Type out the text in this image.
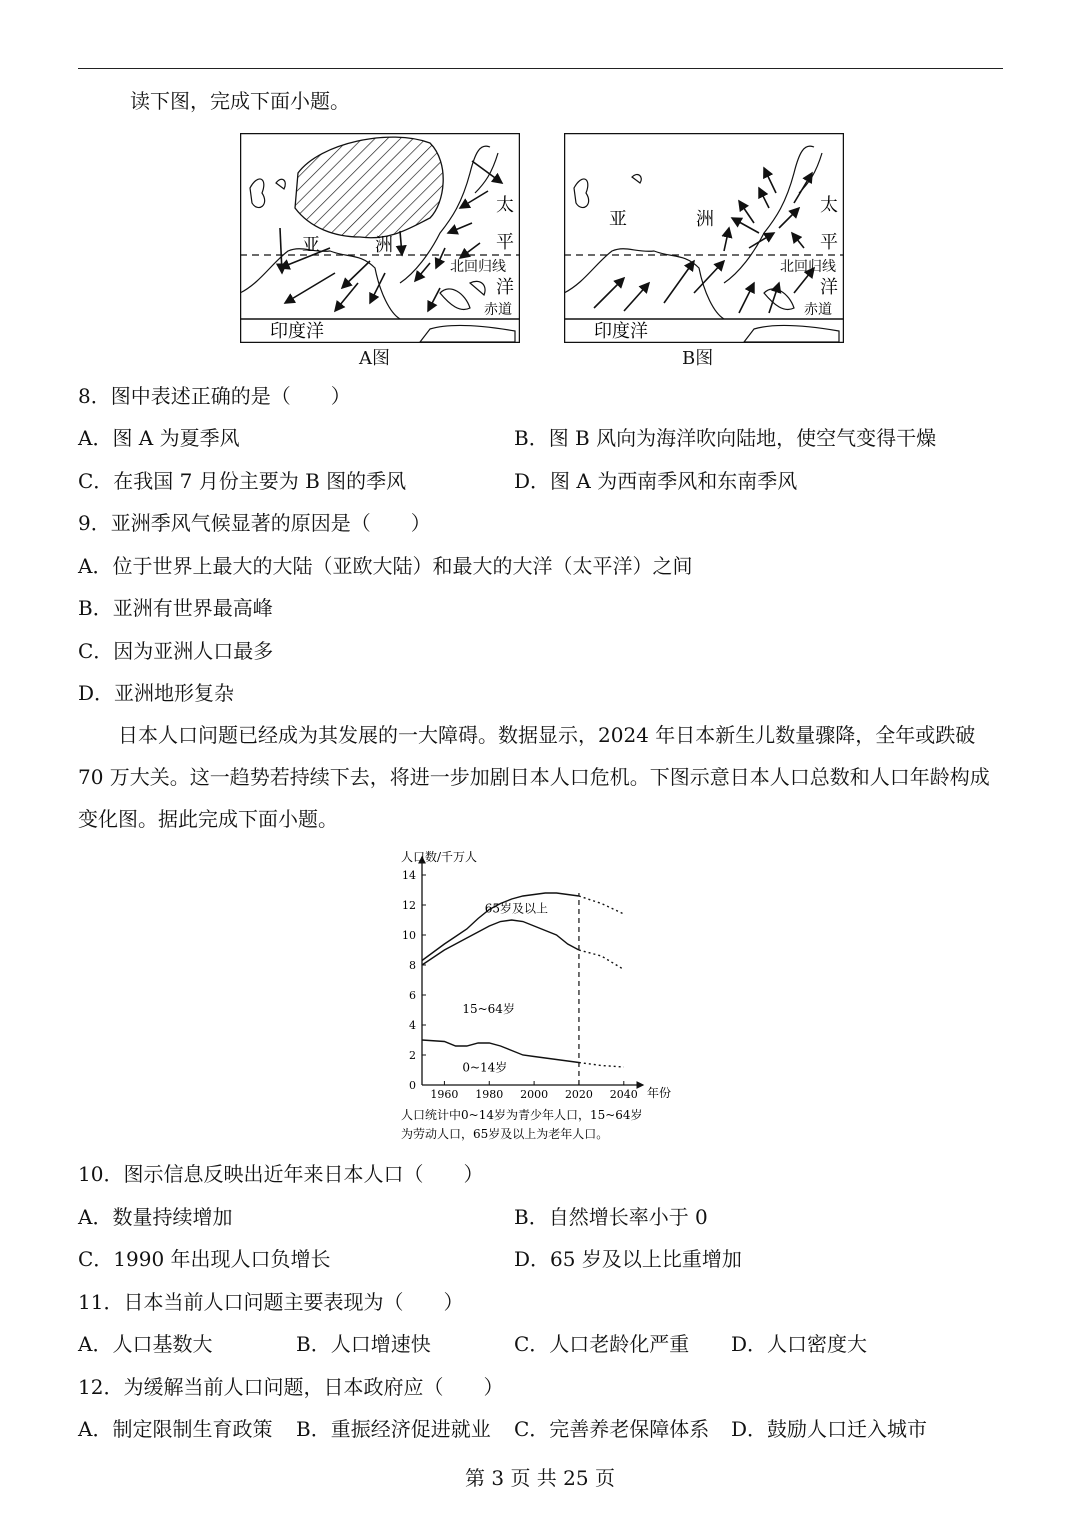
读下图，完成下面小题。
亚	洲
太
平
北回归线
洋
赤道
印度洋
A图
亚	洲
太
平
北回归线
洋
赤道
印度洋
B图
8．图中表述正确的是（　　）
A．图 A 为夏季风	B．图 B 风向为海洋吹向陆地，使空气变得干燥
C．在我国 7 月份主要为 B 图的季风	D．图 A 为西南季风和东南季风
9．亚洲季风气候显著的原因是（　　）
A．位于世界上最大的大陆（亚欧大陆）和最大的大洋（太平洋）之间
B．亚洲有世界最高峰
C．因为亚洲人口最多
D．亚洲地形复杂
日本人口问题已经成为其发展的一大障碍。数据显示，2024 年日本新生儿数量骤降，全年或跌破 70 万大关。这一趋势若持续下去，将进一步加剧日本人口危机。下图示意日本人口总数和人口年龄构成变化图。据此完成下面小题。
人口数/千万人
年份
0
2
4
6
8
10
12
14
1960 1980 2000 2020 2040
65岁及以上
15~64岁
0~14岁
人口统计中0~14岁为青少年人口，15~64岁
为劳动人口，65岁及以上为老年人口。
10．图示信息反映出近年来日本人口（　　）
A．数量持续增加	B．自然增长率小于 0
C．1990 年出现人口负增长	D．65 岁及以上比重增加
11．日本当前人口问题主要表现为（　　）
A．人口基数大	B．人口增速快	C．人口老龄化严重 D．人口密度大
12．为缓解当前人口问题，日本政府应（　　）
A．制定限制生育政策 B．重振经济促进就业 C．完善养老保障体系 D．鼓励人口迁入城市
第 3 页 共 25 页
